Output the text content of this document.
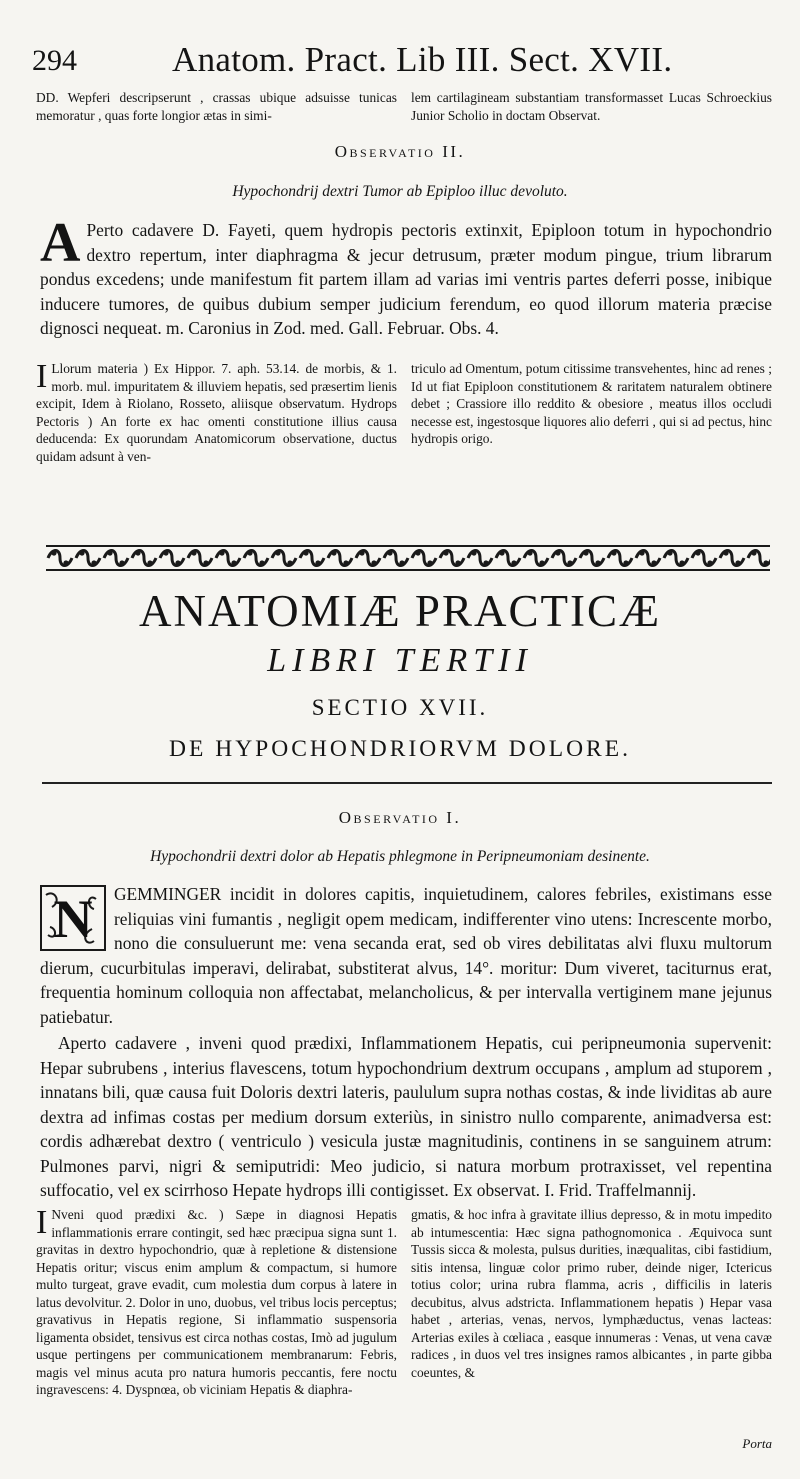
294	Anatom. Pract. Lib III. Sect. XVII.
DD. Wepferi descripserunt , crassas ubique adsuisse tunicas memoratur , quas forte longior ætas in simi-
lem cartilagineam substantiam transformasset Lucas Schroeckius Junior Scholio in doctam Observat.
Observatio II.
Hypochondrij dextri Tumor ab Epiploo illuc devoluto.

A Perto cadavere D. Fayeti, quem hydropis pectoris extinxit, Epiploon totum in hypochondrio dextro repertum, inter diaphragma & jecur detrusum, præter modum pingue, trium librarum pondus excedens; unde manifestum fit partem illam ad varias imi ventris partes deferri posse, inibique inducere tumores, de quibus dubium semper judicium ferendum, eo quod illorum materia præcise dignosci nequeat. m. Caronius in Zod. med. Gall. Februar. Obs. 4.

I Llorum materia ) Ex Hippor. 7. aph. 53.14. de morbis, & 1. morb. mul. impuritatem & illuviem hepatis, sed præsertim lienis excipit, Idem à Riolano, Rosseto, aliisque observatum. Hydrops Pectoris ) An forte ex hac omenti constitutione illius causa deducenda: Ex quorundam Anatomicorum observatione, ductus quidam adsunt à ven-

triculo ad Omentum, potum citissime transvehentes, hinc ad renes ; Id ut fiat Epiploon constitutionem & raritatem naturalem obtinere debet ; Crassiore illo reddito & obesiore , meatus illos occludi necesse est, ingestosque liquores alio deferri , qui si ad pectus, hinc hydropis origo.
ANATOMIÆ PRACTICÆ
LIBRI TERTII
SECTIO XVII.
DE HYPOCHONDRIORVM DOLORE.
Observatio I.
Hypochondrii dextri dolor ab Hepatis phlegmone in Peripneumoniam desinente.

N GEMMINGER incidit in dolores capitis, inquietudinem, calores febriles, existimans esse reliquias vini fumantis , negligit opem medicam, indifferenter vino utens: Increscente morbo, nono die consuluerunt me: vena secanda erat, sed ob vires debilitatas alvi fluxu multorum dierum, cucurbitulas imperavi, delirabat, substiterat alvus, 14°. moritur: Dum viveret, taciturnus erat, frequentia hominum colloquia non affectabat, melancholicus, & per intervalla vertiginem mane jejunus patiebatur.

Aperto cadavere , inveni quod prædixi, Inflammationem Hepatis, cui peripneumonia supervenit: Hepar subrubens , interius flavescens, totum hypochondrium dextrum occupans , amplum ad stuporem , innatans bili, quæ causa fuit Doloris dextri lateris, paululum supra nothas costas, & inde lividitas ab aure dextra ad infimas costas per medium dorsum exteriùs, in sinistro nullo comparente, animadversa est: cordis adhærebat dextro ( ventriculo ) vesicula justæ magnitudinis, continens in se sanguinem atrum: Pulmones parvi, nigri & semiputridi: Meo judicio, si natura morbum protraxisset, vel repentina suffocatio, vel ex scirrhoso Hepate hydrops illi contigisset. Ex observat. I. Frid. Traffelmannij.

I Nveni quod prædixi &c. ) Sæpe in diagnosi Hepatis inflammationis errare contingit, sed hæc præcipua signa sunt 1. gravitas in dextro hypochondrio, quæ à repletione & distensione Hepatis oritur; viscus enim amplum & compactum, si humore multo turgeat, grave evadit, cum molestia dum corpus à latere in latus devolvitur. 2. Dolor in uno, duobus, vel tribus locis perceptus; gravativus in Hepatis regione, Si inflammatio suspensoria ligamenta obsidet, tensivus est circa nothas costas, Imò ad jugulum usque pertingens per communicationem membranarum: Febris, magis vel minus acuta pro natura humoris peccantis, fere noctu ingravescens: 4. Dyspnœa, ob viciniam Hepatis & diaphra-

gmatis, & hoc infra à gravitate illius depresso, & in motu impedito ab intumescentia: Hæc signa pathognomonica . Æquivoca sunt Tussis sicca & molesta, pulsus durities, inæqualitas, cibi fastidium, sitis intensa, linguæ color primo ruber, deinde niger, Ictericus totius color; urina rubra flamma, acris , difficilis in lateris decubitus, alvus adstricta. Inflammationem hepatis ) Hepar vasa habet , arterias, venas, nervos, lymphæductus, venas lacteas: Arterias exiles à cœliaca , easque innumeras : Venas, ut vena cavæ radices , in duos vel tres insignes ramos albicantes , in parte gibba coeuntes, &
Porta
